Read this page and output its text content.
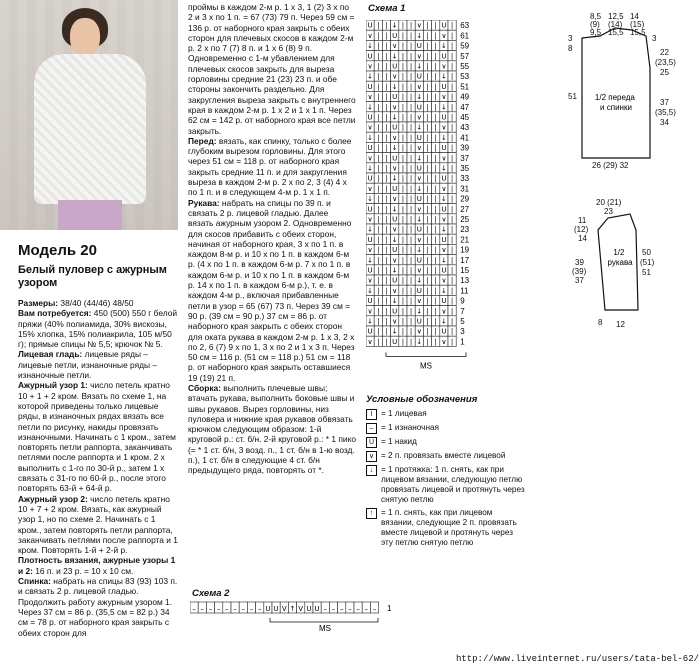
Модель 20
Белый пуловер с ажурным узором

Размеры: 38/40 (44/46) 48/50

Вам потребуется: 450 (500) 550 г белой пряжи (40% полиамида, 30% вискозы, 15% хлопка, 15% полиакрила, 105 м/50 г); прямые спицы № 5,5; крючок № 5.

Лицевая гладь: лицевые ряды – лицевые петли, изнаночные ряды – изнаночные петли.

Ажурный узор 1: число петель кратно 10 + 1 + 2 кром. Вязать по схеме 1, на которой приведены только лицевые ряды, в изнаночных рядах вязать все петли по рисунку, накиды провязать изнаночными. Начинать с 1 кром., затем повторять петли раппорта, заканчивать петлями после раппорта и 1 кром. 2 х выполнить с 1-го по 30-й р., затем 1 х связать с 31-го по 60-й р., после этого повторять 63-й + 64-й р.

Ажурный узор 2: число петель кратно 10 + 7 + 2 кром. Вязать, как ажурный узор 1, но по схеме 2. Начинать с 1 кром., затем повторять петли раппорта, заканчивать петлями после раппорта и 1 кром. Повторять 1-й + 2-й р.

Плотность вязания, ажурные узоры 1 и 2: 16 п. и 23 р. = 10 х 10 см.

Спинка: набрать на спицы 83 (93) 103 п. и связать 2 р. лицевой гладью. Продолжить работу ажурным узором 1. Через 37 см = 86 р. (35,5 см = 82 р.) 34 см = 78 р. от наборного края закрыть с обеих сторон для

проймы в каждом 2-м р. 1 х 3, 1 (2) 3 х по 2 и 3 х по 1 п. = 67 (73) 79 п. Через 59 см = 136 р. от наборного края закрыть с обеих сторон для плечевых скосов в каждом 2-м р. 2 х по 7 (7) 8 п. и 1 х 6 (8) 9 п. Одновременно с 1-м убавлением для плечевых скосов закрыть для выреза горловины средние 21 (23) 23 п. и обе стороны закончить раздельно. Для закругления выреза закрыть с внутреннего края в каждом 2-м р. 1 х 2 и 1 х 1 п. Через 62 см = 142 р. от наборного края все петли закрыть.

Перед: вязать, как спинку, только с более глубоким вырезом горловины. Для этого через 51 см = 118 р. от наборного края закрыть средние 11 п. и для закругления выреза в каждом 2-м р. 2 х по 2, 3 (4) 4 х по 1 п. и в следующем 4-м р. 1 х 1 п.

Рукава: набрать на спицы по 39 п. и связать 2 р. лицевой гладью. Далее вязать ажурным узором 2. Одновременно для скосов прибавить с обеих сторон, начиная от наборного края, 3 х по 1 п. в каждом 8-м р. и 10 х по 1 п. в каждом 6-м р. (4 х по 1 п. в каждом 6-м р. 7 х по 1 п. в каждом 6-м р. и 10 х по 1 п. в каждом 6-м р. 14 х по 1 п. в каждом 6-м р.), т. е. в каждом 4-м р., включая прибавленные петли в узор = 65 (67) 73 п. Через 39 см = 90 р. (39 см = 90 р.) 37 см = 86 р. от наборного края закрыть с обеих сторон для оката рукава в каждом 2-м р. 1 х 3, 2 х по 2, 6 (7) 9 х по 1, 3 х по 2 и 1 х 3 п. Через 50 см = 116 р. (51 см = 118 р.) 51 см = 118 р. от наборного края закрыть оставшиеся 19 (19) 21 п.

Сборка: выполнить плечевые швы; втачать рукава, выполнить боковые швы и швы рукавов. Вырез горловины, низ пуловера и нижние края рукавов обвязать крючком следующим образом: 1-й круговой р.: ст. б/н. 2-й круговой р.: * 1 пико (= * 1 ст. б/н, 3 возд. п., 1 ст. б/н в 1-ю возд. п.), 1 ст. б/н в следующие 4 ст. б/н предыдущего ряда, повторять от *.

Схема 1
U | | ↓ | | ∨ | | U |
∨ | | U | | ↓ | | ∨ |
↓ | | ∨ | | U | | ↓ |
U | | ↓ | | ∨ | | U |
∨ | | U | | ↓ | | ∨ |
↓ | | ∨ | | U | | ↓ |
U | | ↓ | | ∨ | | U |
∨ | | U | | ↓ | | ∨ |
↓ | | ∨ | | U | | ↓ |
U | | ↓ | | ∨ | | U |
∨ | | U | | ↓ | | ∨ |
↓ | | ∨ | | U | | ↓ |
U | | ↓ | | ∨ | | U |
∨ | | U | | ↓ | | ∨ |
↓ | | ∨ | | U | | ↓ |
U | | ↓ | | ∨ | | U |
∨ | | U | | ↓ | | ∨ |
↓ | | ∨ | | U | | ↓ |
U | | ↓ | | ∨ | | U |
∨ | | U | | ↓ | | ∨ |
↓ | | ∨ | | U | | ↓ |
U | | ↓ | | ∨ | | U |
∨ | | U | | ↓ | | ∨ |
↓ | | ∨ | | U | | ↓ |
U | | ↓ | | ∨ | | U |
∨ | | U | | ↓ | | ∨ |
↓ | | ∨ | | U | | ↓ |
U | | ↓ | | ∨ | | U |
∨ | | U | | ↓ | | ∨ |
↓ | | ∨ | | U | | ↓ |
U | | ↓ | | ∨ | | U |
∨ | | U | | ↓ | | ∨ |
63
61
59
57
55
53
51
49
47
45
43
41
39
37
35
33
31
29
27
25
23
21
19
17
15
13
11
9
7
5
3
1
MS
Схема 2
– – – – – – – – – U U V ↑ V U U – – – – – – – 1
MS
Условные обозначения
I	= 1 лицевая
– = 1 изнаночная
U = 1 накид
∨ = 2 п. провязать вместе лицевой
↓ = 1 протяжка: 1 п. снять, как при лицевом вязании, следующую петлю провязать лицевой и протянуть через снятую петлю
↑ = 1 п. снять, как при лицевом вязании, следующие 2 п. провязать вместе лицевой и протянуть через эту петлю снятую петлю
1/2 переда и спинки
8,5 12,5 14
(9) (14) (15)
9,5 15,5 15,5
3
8
51
3
22
(23,5)
25
37
(35,5)
34
26 (29) 32
1/2 рукава
20 (21)
23
11
(12)
14
39
(39)
37
50
(51)
51
8 12
http://www.liveinternet.ru/users/tata-bel-62/
